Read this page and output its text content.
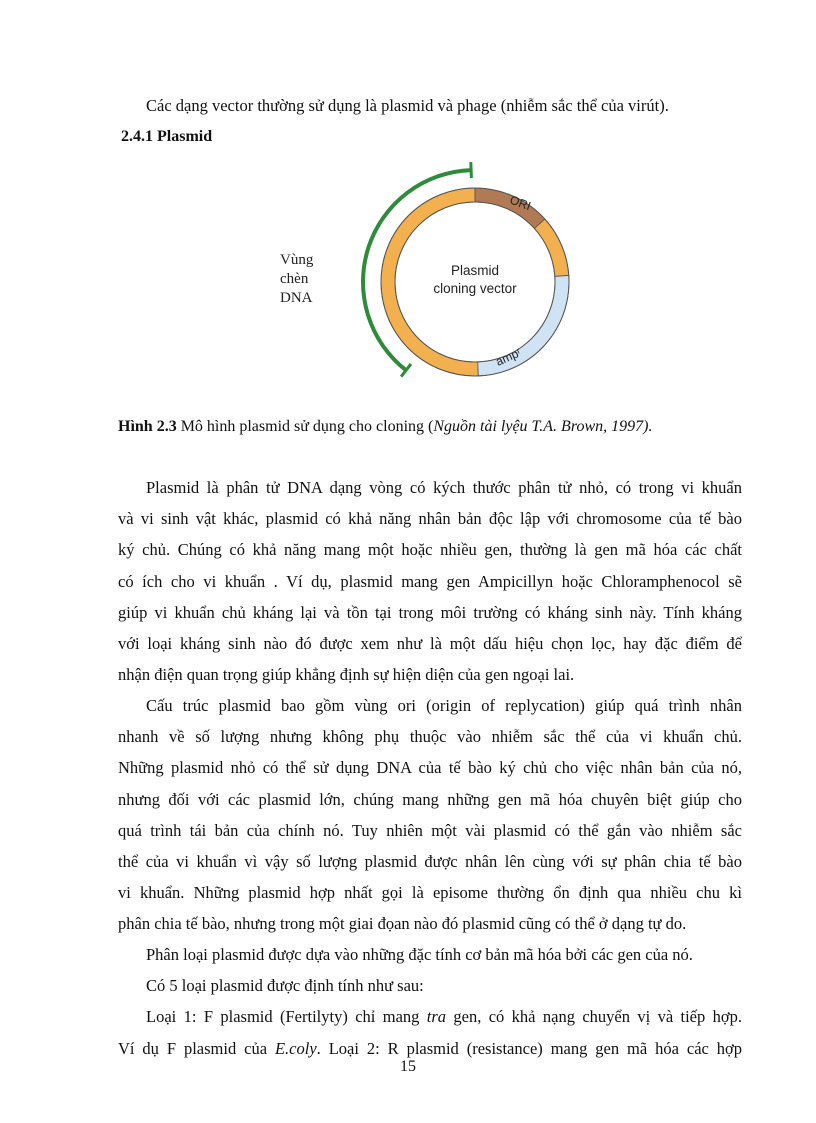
Các dạng vector thường sử dụng là plasmid và phage (nhiễm sắc thể của virút).
2.4.1 Plasmid
Vùng
chèn
DNA
ORI
ampʳ
Plasmid
cloning vector
Hình 2.3 Mô hình plasmid sử dụng cho cloning (Nguồn tài lyệu T.A. Brown, 1997).
Plasmid là phân tử DNA dạng vòng có kých thước phân tử nhỏ, có trong vi khuẩn
và vi sinh vật khác, plasmid có khả năng nhân bản độc lập với chromosome của tế bào
ký chủ. Chúng có khả năng mang một hoặc nhiều gen, thường là gen mã hóa các chất
có ích cho vi khuẩn . Ví dụ, plasmid mang gen Ampicillyn hoặc Chloramphenocol sẽ
giúp vi khuẩn chủ kháng lại và tồn tại trong môi trường có kháng sinh này. Tính kháng
với loại kháng sinh nào đó được xem như là một dấu hiệu chọn lọc, hay đặc điểm để
nhận điện quan trọng giúp khẳng định sự hiện diện của gen ngoại lai.
Cấu trúc plasmid bao gồm vùng ori (origin of replycation) giúp quá trình nhân
nhanh về số lượng nhưng không phụ thuộc vào nhiễm sắc thể của vi khuẩn chủ.
Những plasmid nhỏ có thể sử dụng DNA của tế bào ký chủ cho việc nhân bản của nó,
nhưng đối với các plasmid lớn, chúng mang những gen mã hóa chuyên biệt giúp cho
quá trình tái bản của chính nó. Tuy nhiên một vài plasmid có thể gắn vào nhiễm sắc
thể của vi khuẩn vì vậy số lượng plasmid được nhân lên cùng với sự phân chia tế bào
vi khuẩn. Những plasmid hợp nhất gọi là episome thường ổn định qua nhiều chu kì
phân chia tế bào, nhưng trong một giai đọan nào đó plasmid cũng có thể ở dạng tự do.
Phân loại plasmid được dựa vào những đặc tính cơ bản mã hóa bởi các gen của nó.
Có 5 loại plasmid được định tính như sau:
Loại 1: F plasmid (Fertilyty) chỉ mang tra gen, có khả nạng chuyển vị và tiếp hợp.
Ví dụ F plasmid của E.coly. Loại 2: R plasmid (resistance) mang gen mã hóa các hợp
15
